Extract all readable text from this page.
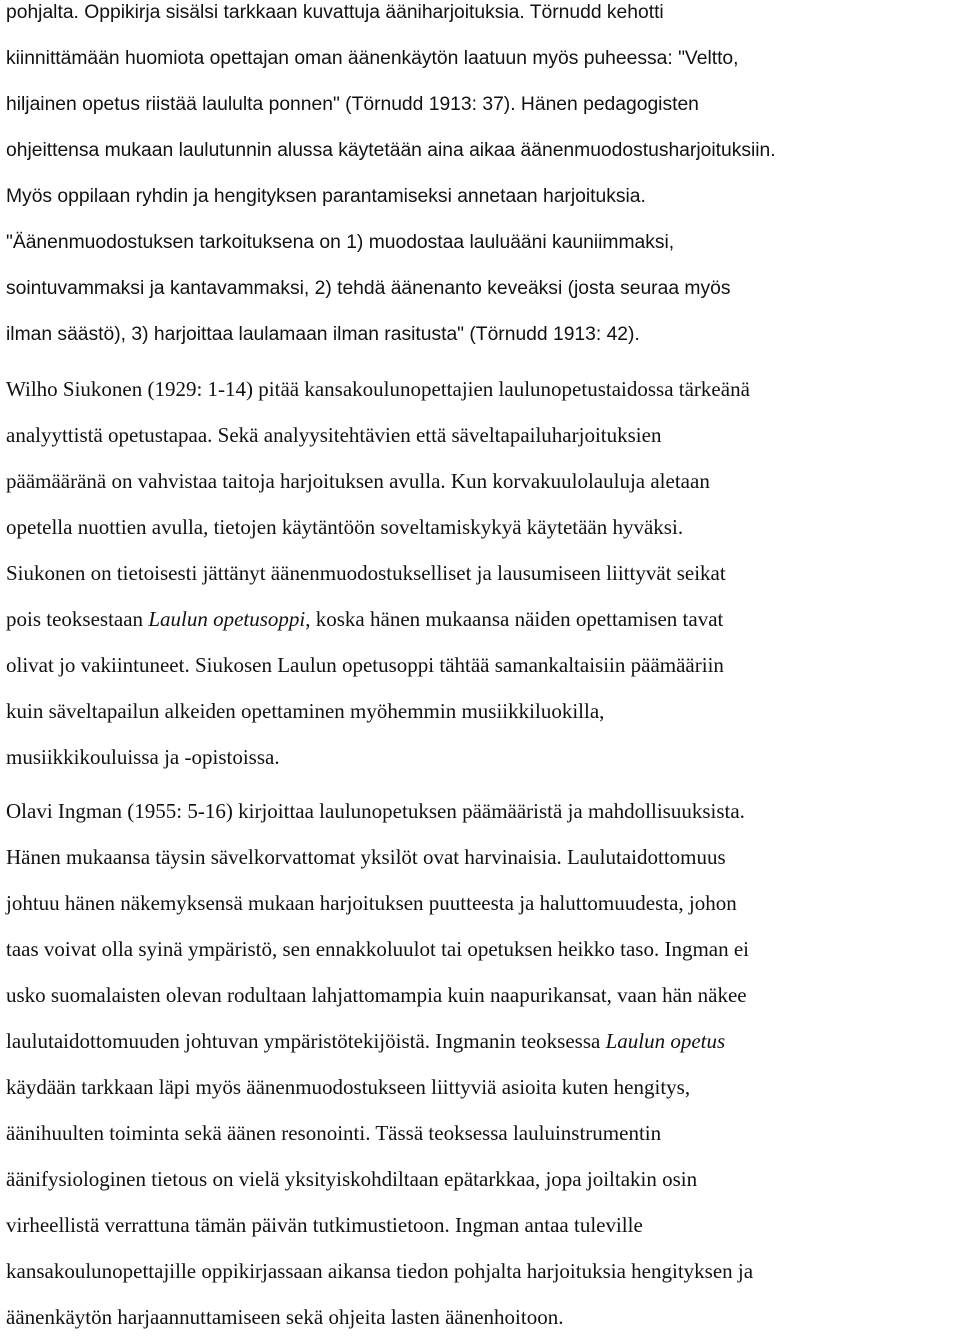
pohjalta. Oppikirja sisälsi tarkkaan kuvattuja ääniharjoituksia. Törnudd kehotti
kiinnittämään huomiota opettajan oman äänenkäytön laatuun myös puheessa: "Veltto,
hiljainen opetus riistää laululta ponnen" (Törnudd 1913: 37). Hänen pedagogisten
ohjeittensa mukaan laulutunnin alussa käytetään aina aikaa äänenmuodostusharjoituksiin.
Myös oppilaan ryhdin ja hengityksen parantamiseksi annetaan harjoituksia.
"Äänenmuodostuksen tarkoituksena on 1) muodostaa lauluääni kauniimmaksi,
sointuvammaksi ja kantavammaksi, 2) tehdä äänenanto keveäksi (josta seuraa myös
ilman säästö), 3) harjoittaa laulamaan ilman rasitusta" (Törnudd 1913: 42).
Wilho Siukonen (1929: 1-14) pitää kansakoulunopettajien laulunopetustaidossa tärkeänä
analyyttistä opetustapaa. Sekä analyysitehtävien että säveltapailuharjoituksien
päämääränä on vahvistaa taitoja harjoituksen avulla. Kun korvakuulolauluja aletaan
opetella nuottien avulla, tietojen käytäntöön soveltamiskykyä käytetään hyväksi.
Siukonen on tietoisesti jättänyt äänenmuodostukselliset ja lausumiseen liittyvät seikat
pois teoksestaan Laulun opetusoppi, koska hänen mukaansa näiden opettamisen tavat
olivat jo vakiintuneet. Siukosen Laulun opetusoppi tähtää samankaltaisiin päämääriin
kuin säveltapailun alkeiden opettaminen myöhemmin musiikkiluokilla,
musiikkikouluissa ja -opistoissa.
Olavi Ingman (1955: 5-16) kirjoittaa laulunopetuksen päämääristä ja mahdollisuuksista.
Hänen mukaansa täysin sävelkorvattomat yksilöt ovat harvinaisia. Laulutaidottomuus
johtuu hänen näkemyksensä mukaan harjoituksen puutteesta ja haluttomuudesta, johon
taas voivat olla syinä ympäristö, sen ennakkoluulot tai opetuksen heikko taso. Ingman ei
usko suomalaisten olevan rodultaan lahjattomampia kuin naapurikansat, vaan hän näkee
laulutaidottomuuden johtuvan ympäristötekijöistä. Ingmanin teoksessa Laulun opetus
käydään tarkkaan läpi myös äänenmuodostukseen liittyviä asioita kuten hengitys,
äänihuulten toiminta sekä äänen resonointi. Tässä teoksessa lauluinstrumentin
äänifysiologinen tietous on vielä yksityiskohdiltaan epätarkkaa, jopa joiltakin osin
virheellistä verrattuna tämän päivän tutkimustietoon. Ingman antaa tuleville
kansakoulunopettajille oppikirjassaan aikansa tiedon pohjalta harjoituksia hengityksen ja
äänenkäytön harjaannuttamiseen sekä ohjeita lasten äänenhoitoon.
